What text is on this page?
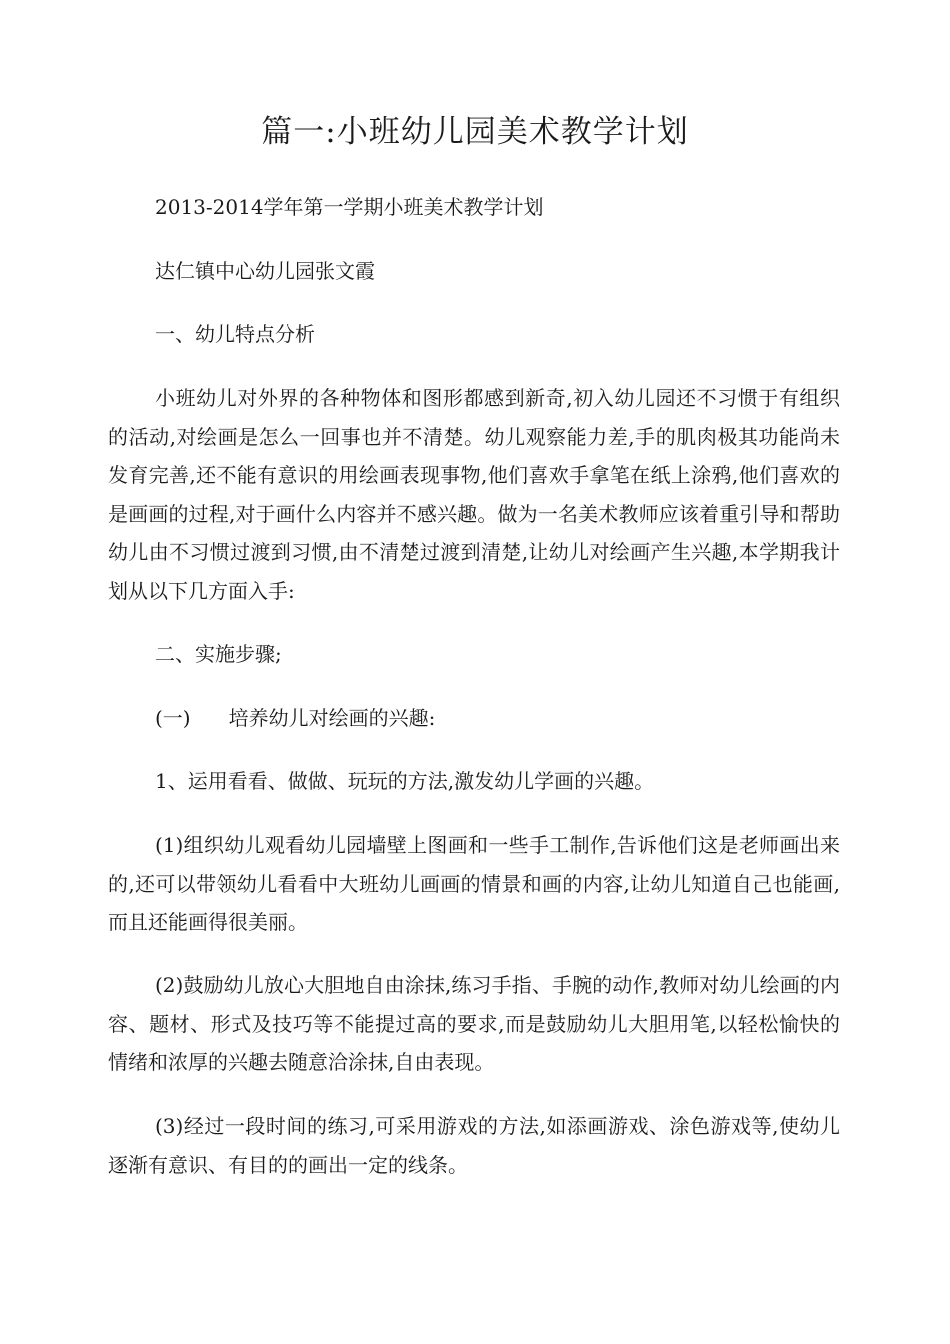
篇一:小班幼儿园美术教学计划

2013-2014学年第一学期小班美术教学计划

达仁镇中心幼儿园张文霞

一、幼儿特点分析

小班幼儿对外界的各种物体和图形都感到新奇,初入幼儿园还不习惯于有组织的活动,对绘画是怎么一回事也并不清楚。幼儿观察能力差,手的肌肉极其功能尚未发育完善,还不能有意识的用绘画表现事物,他们喜欢手拿笔在纸上涂鸦,他们喜欢的是画画的过程,对于画什么内容并不感兴趣。做为一名美术教师应该着重引导和帮助幼儿由不习惯过渡到习惯,由不清楚过渡到清楚,让幼儿对绘画产生兴趣,本学期我计划从以下几方面入手:

二、实施步骤;

(一) 培养幼儿对绘画的兴趣:

1、运用看看、做做、玩玩的方法,激发幼儿学画的兴趣。

(1)组织幼儿观看幼儿园墙壁上图画和一些手工制作,告诉他们这是老师画出来的,还可以带领幼儿看看中大班幼儿画画的情景和画的内容,让幼儿知道自己也能画,而且还能画得很美丽。

(2)鼓励幼儿放心大胆地自由涂抹,练习手指、手腕的动作,教师对幼儿绘画的内容、题材、形式及技巧等不能提过高的要求,而是鼓励幼儿大胆用笔,以轻松愉快的情绪和浓厚的兴趣去随意洽涂抹,自由表现。

(3)经过一段时间的练习,可采用游戏的方法,如添画游戏、涂色游戏等,使幼儿逐渐有意识、有目的的画出一定的线条。
